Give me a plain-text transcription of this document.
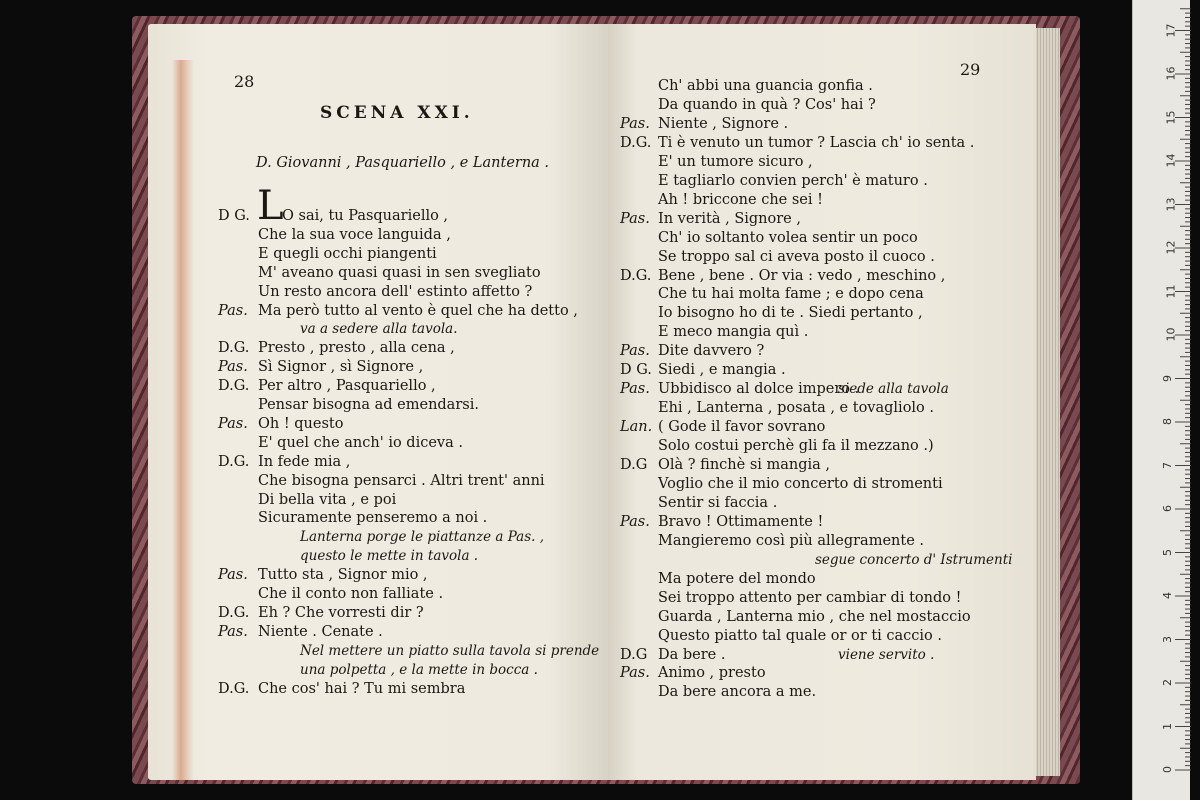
28
SCENA XXI.
D. Giovanni , Pasquariello , e Lanterna .
L
D G. O sai, tu Pasquariello ,
Che la sua voce languida ,
E quegli occhi piangenti
M' aveano quasi quasi in sen svegliato
Un resto ancora dell' estinto affetto ?
Pas. Ma però tutto al vento è quel che ha detto ,
va a sedere alla tavola.
D.G. Presto , presto , alla cena ,
Pas. Sì Signor , sì Signore ,
D.G. Per altro , Pasquariello ,
Pensar bisogna ad emendarsi.
Pas. Oh ! questo
E' quel che anch' io diceva .
D.G. In fede mia ,
Che bisogna pensarci . Altri trent' anni
Di bella vita , e poi
Sicuramente penseremo a noi .
Lanterna porge le piattanze a Pas. ,
questo le mette in tavola .
Pas. Tutto sta , Signor mio ,
Che il conto non falliate .
D.G. Eh ? Che vorresti dir ?
Pas. Niente . Cenate .
Nel mettere un piatto sulla tavola si prende
una polpetta , e la mette in bocca .
D.G. Che cos' hai ? Tu mi sembra
29
Ch' abbi una guancia gonfia .
Da quando in quà ? Cos' hai ?
Pas. Niente , Signore .
D.G. Ti è venuto un tumor ? Lascia ch' io senta .
E' un tumore sicuro ,
E tagliarlo convien perch' è maturo .
Ah ! briccone che sei !
Pas. In verità , Signore ,
Ch' io soltanto volea sentir un poco
Se troppo sal ci aveva posto il cuoco .
D.G. Bene , bene . Or via : vedo , meschino ,
Che tu hai molta fame ; e dopo cena
Io bisogno ho di te . Siedi pertanto ,
E meco mangia quì .
Pas. Dite davvero ?
D G. Siedi , e mangia .
Pas. Ubbidisco al dolce impero .
siede alla tavola
Ehi , Lanterna , posata , e tovagliolo .
Lan. ( Gode il favor sovrano
Solo costui perchè gli fa il mezzano .)
D.G Olà ? finchè si mangia ,
Voglio che il mio concerto di stromenti
Sentir si faccia .
Pas. Bravo ! Ottimamente !
Mangieremo così più allegramente .
segue concerto d' Istrumenti
Ma potere del mondo
Sei troppo attento per cambiar di tondo !
Guarda , Lanterna mio , che nel mostaccio
Questo piatto tal quale or or ti caccio .
D.G Da bere .	viene servito .
Pas. Animo , presto
Da bere ancora a me.
17
16
15
14
13
12
11
10
9
8
7
6
5
4
3
2
1
0
